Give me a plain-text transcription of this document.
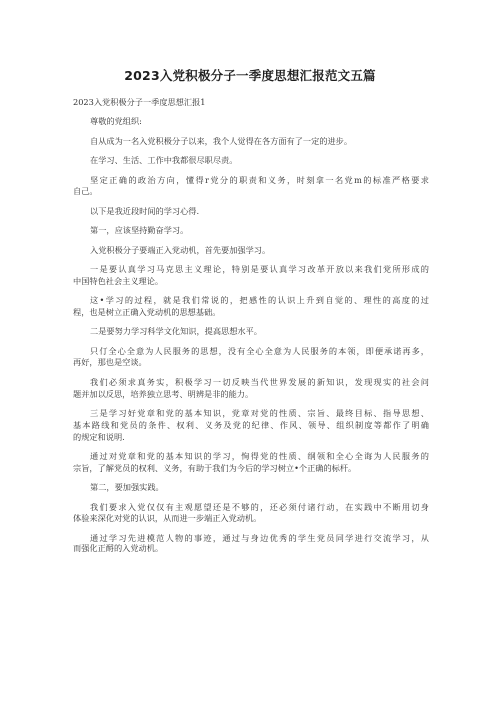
2023入党积极分子一季度思想汇报范文五篇
2023入党积极分子一季度思想汇报1
尊敬的党组织:
自从成为一名入党积极分子以来，我个人觉得在各方面有了一定的进步。
在学习、生活、工作中我都很尽职尽责。
坚定正确的政治方向，懂得r党分的职责和义务，时刻拿一名党m的标准严格要求
自己。
以下是我近段时间的学习心得.
第一，应该坚持勤奋学习。
入党积极分子要端正入党动机，首先要加强学习。
一是要认真学习马克思主义理论，特别是要认真学习改革开放以来我们党所形成的
中国特色社会主义理论。
这•学习的过程，就是我们常说的，把感性的认识上升到自觉的、理性的高度的过
程，也是树立正确入党动机的思想基础。
二是要努力学习科学文化知识，提高思想水平。
只仃全心全意为人民服务的思想，没有全心全意为人民服务的本领，即便承诺再多，
再好，那也是空谈。
我们必须求真务实，积极学习一切反映当代世界发展的新知识，发现现实的社会问
题并加以反思，培养独立思考、明辨是非的能力。
三是学习好党章和党的基本知识，党章对党的性质、宗旨、最终目标、指导思想、
基本路线和党员的条件、权利、义务及党的纪律、作风、领导、组织制度等都作了明确
的规定和说明.
通过对党章和党的基本知识的学习，恂得党的性质、纲领和全心全诲为人民服务的
宗旨，了解党员的权利、义务，有助于我们为今后的学习树立•个正确的标杆。
第二，要加强实践。
我们要求入党仅仅有主观愿望还是不够的，还必须付诸行动，在实践中不断用切身
体验来深化对党的认识，从而进一步端正入党动机。
通过学习先进模范人物的事迹，通过与身边优秀的学生党员同学进行交流学习，从
而强化正酹的入党动机。
